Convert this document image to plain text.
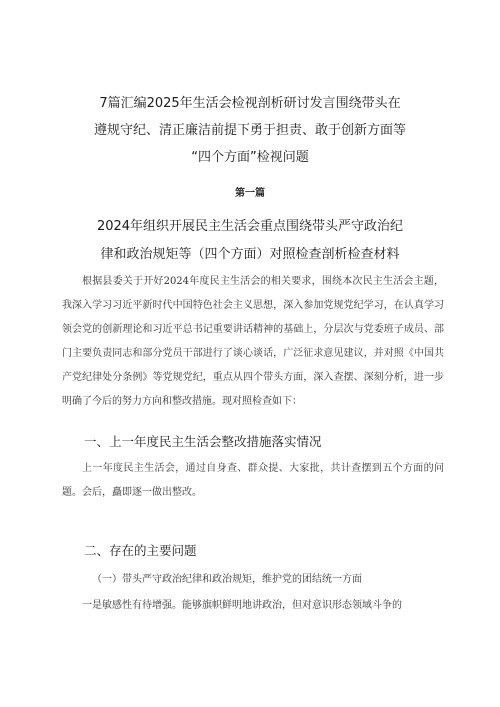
7篇汇编2025年生活会检视剖析研讨发言围绕带头在
遵规守纪、清正廉洁前提下勇于担责、敢于创新方面等
“四个方面”检视问题
第一篇
2024年组织开展民主生活会重点围绕带头严守政治纪
律和政治规矩等（四个方面）对照检查剖析检查材料
根据县委关于开好2024年度民主生活会的相关要求，围绕本次民主生活会主题，我深入学习习近平新时代中国特色社会主义思想，深入参加党规党纪学习，在认真学习领会党的创新理论和习近平总书记重要讲话精神的基础上，分层次与党委班子成员、部门主要负责同志和部分党员干部进行了谈心谈话，广泛征求意见建议，并对照《中国共产党纪律处分条例》等党规党纪，重点从四个带头方面，深入查摆、深刻分析，进一步明确了今后的努力方向和整改措施。现对照检查如下：
一、上一年度民主生活会整改措施落实情况
上一年度民主生活会，通过自身查、群众提、大家批，共计查摆到五个方面的问题。会后，矗即逐一做出整改。
二、存在的主要问题
（一）带头严守政治纪律和政治规矩，维护党的团结统一方面
一是敏感性有待增强。能够旗帜鲜明地讲政治，但对意识形态领域斗争的
